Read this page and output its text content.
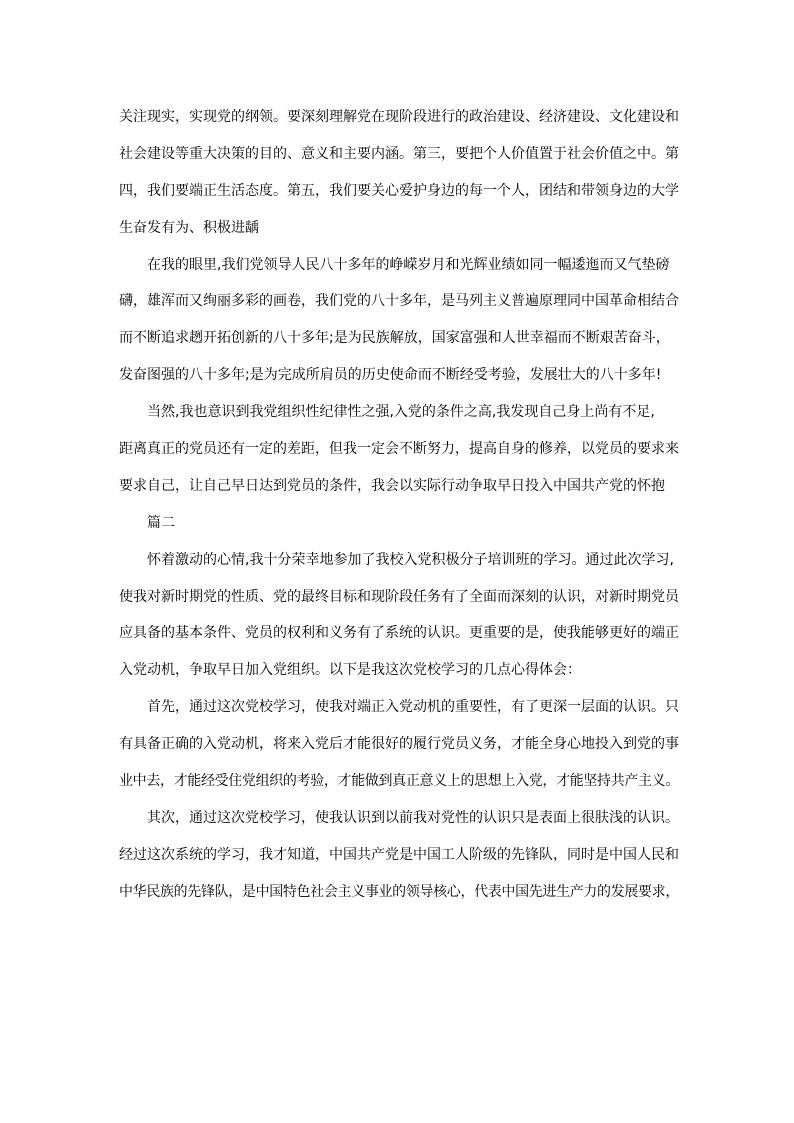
关注现实，实现党的纲领。要深刻理解党在现阶段进行的政治建设、经济建设、文化建设和
社会建设等重大决策的目的、意义和主要内涵。第三，要把个人价值置于社会价值之中。第
四，我们要端正生活态度。第五，我们要关心爱护身边的每一个人，团结和带领身边的大学
生奋发有为、积极进龋
在我的眼里,我们党领导人民八十多年的峥嵘岁月和光辉业绩如同一幅逶迤而又气垫磅
礴，雄浑而又绚丽多彩的画卷，我们党的八十多年，是马列主义普遍原理同中国革命相结合
而不断追求趔开拓创新的八十多年;是为民族解放，国家富强和人世幸福而不断艰苦奋斗，
发奋图强的八十多年;是为完成所肩员的历史使命而不断经受考验，发展壮大的八十多年!
当然,我也意识到我党组织性纪律性之强,入党的条件之高,我发现自己身上尚有不足,
距离真正的党员还有一定的差距，但我一定会不断努力，提高自身的修养，以党员的要求来
要求自己，让自己早日达到党员的条件，我会以实际行动争取早日投入中国共产党的怀抱
篇二
怀着激动的心情,我十分荣幸地参加了我校入党积极分子培训班的学习。通过此次学习,
使我对新时期党的性质、党的最终目标和现阶段任务有了全面而深刻的认识，对新时期党员
应具备的基本条件、党员的权利和义务有了系统的认识。更重要的是，使我能够更好的端正
入党动机，争取早日加入党组织。以下是我这次党校学习的几点心得体会：
首先，通过这次党校学习，使我对端正入党动机的重要性，有了更深一层面的认识。只
有具备正确的入党动机，将来入党后才能很好的履行党员义务，才能全身心地投入到党的事
业中去，才能经受住党组织的考验，才能做到真正意义上的思想上入党，才能坚持共产主义。
其次，通过这次党校学习，使我认识到以前我对党性的认识只是表面上很肤浅的认识。
经过这次系统的学习，我才知道，中国共产党是中国工人阶级的先锋队，同时是中国人民和
中华民族的先锋队，是中国特色社会主义事业的领导核心，代表中国先进生产力的发展要求，
